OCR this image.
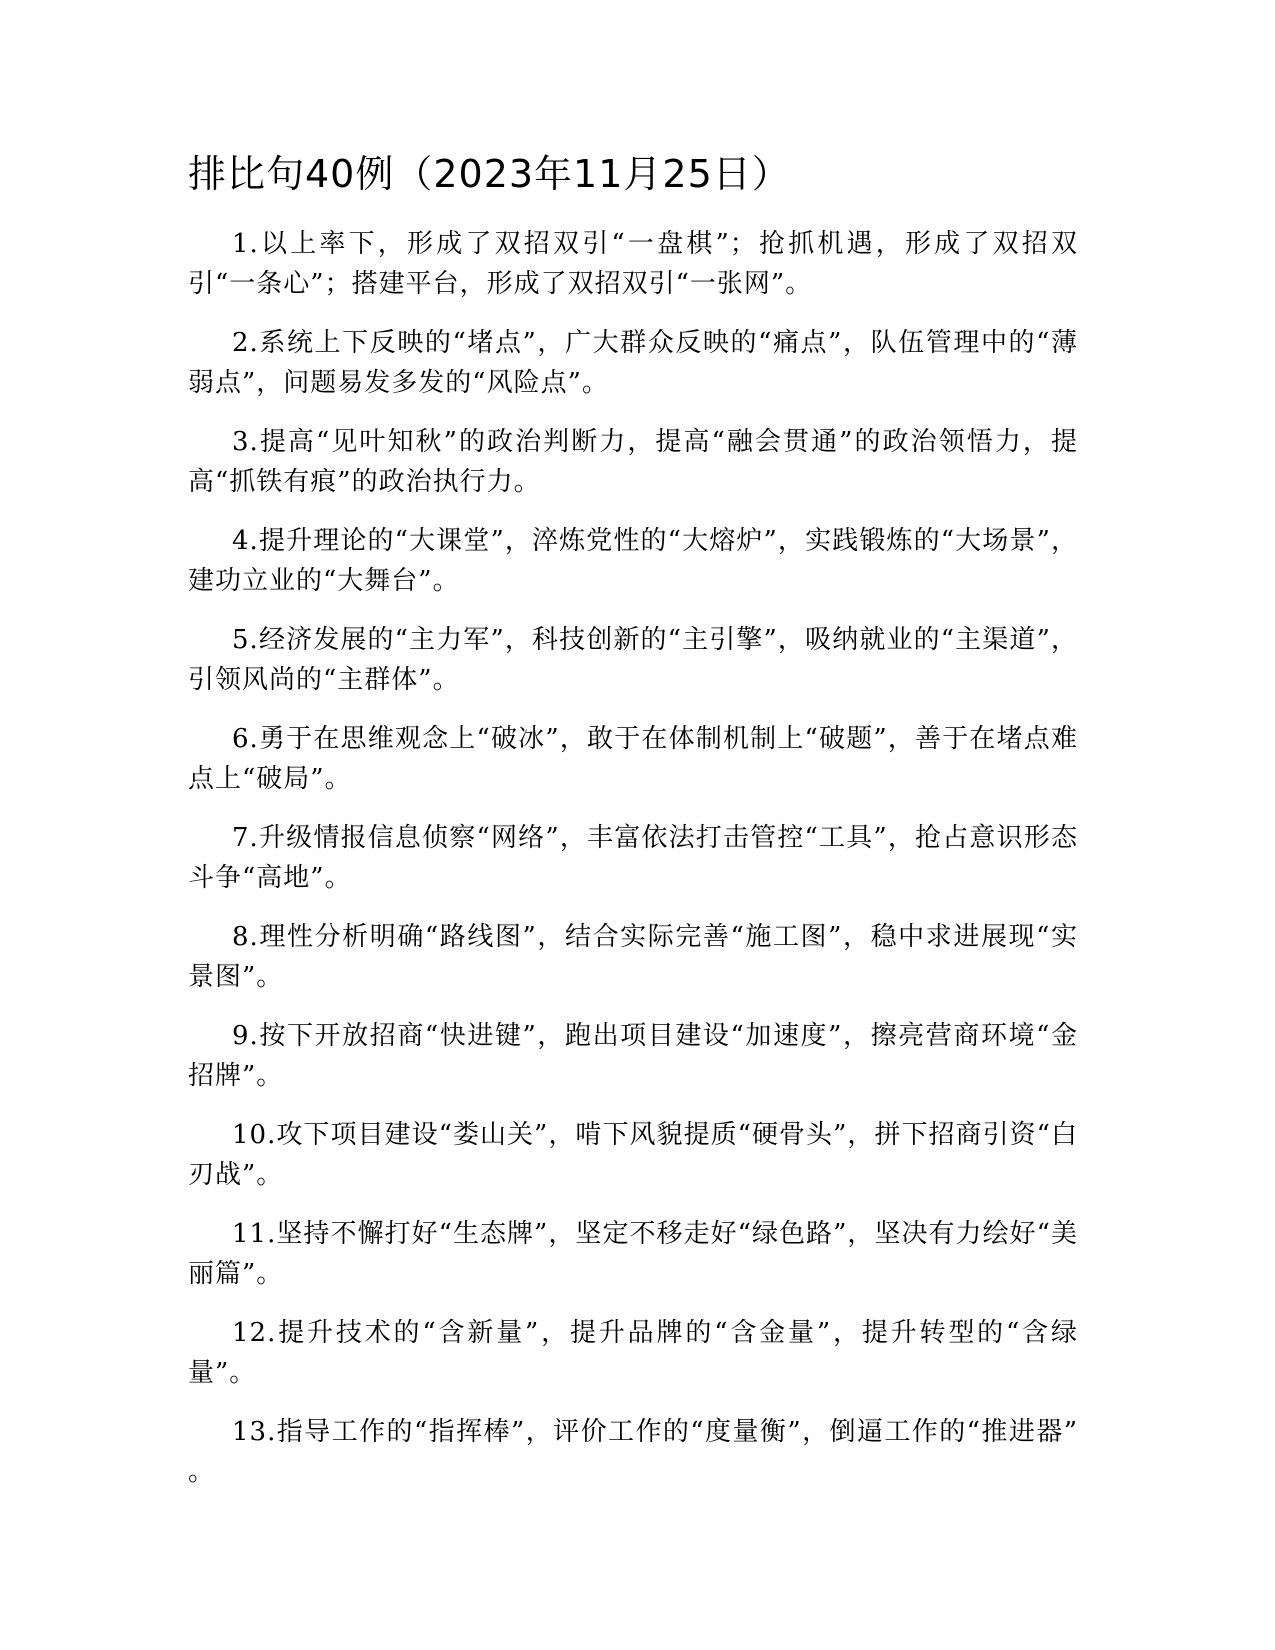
排比句40例（2023年11月25日）

1.以上率下，形成了双招双引“一盘棋”；抢抓机遇，形成了双招双引“一条心”；搭建平台，形成了双招双引“一张网”。

2.系统上下反映的“堵点”，广大群众反映的“痛点”，队伍管理中的“薄弱点”，问题易发多发的“风险点”。

3.提高“见叶知秋”的政治判断力，提高“融会贯通”的政治领悟力，提高“抓铁有痕”的政治执行力。

4.提升理论的“大课堂”，淬炼党性的“大熔炉”，实践锻炼的“大场景”，建功立业的“大舞台”。

5.经济发展的“主力军”，科技创新的“主引擎”，吸纳就业的“主渠道”，引领风尚的“主群体”。

6.勇于在思维观念上“破冰”，敢于在体制机制上“破题”，善于在堵点难点上“破局”。

7.升级情报信息侦察“网络”，丰富依法打击管控“工具”，抢占意识形态斗争“高地”。

8.理性分析明确“路线图”，结合实际完善“施工图”，稳中求进展现“实景图”。

9.按下开放招商“快进键”，跑出项目建设“加速度”，擦亮营商环境“金招牌”。

10.攻下项目建设“娄山关”，啃下风貌提质“硬骨头”，拼下招商引资“白刃战”。

11.坚持不懈打好“生态牌”，坚定不移走好“绿色路”，坚决有力绘好“美丽篇”。

12.提升技术的“含新量”，提升品牌的“含金量”，提升转型的“含绿量”。

13.指导工作的“指挥棒”，评价工作的“度量衡”，倒逼工作的“推进器” 。
